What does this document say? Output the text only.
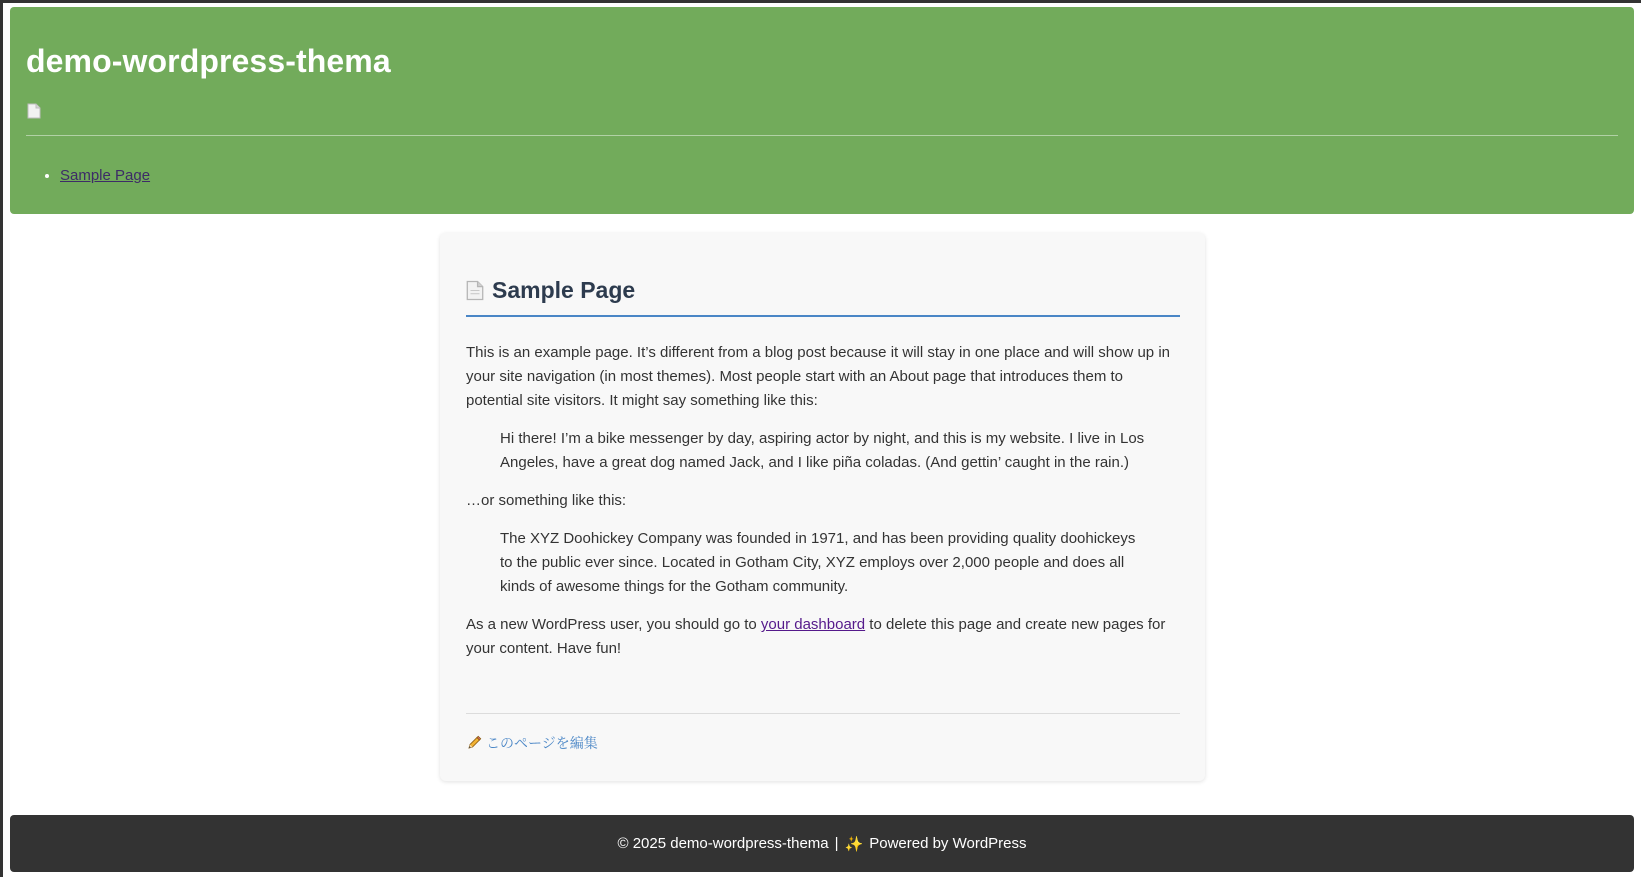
demo-wordpress-thema
• Sample Page
Sample Page

This is an example page. It’s different from a blog post because it will stay in one place and will show up in your site navigation (in most themes). Most people start with an About page that introduces them to potential site visitors. It might say something like this:

Hi there! I’m a bike messenger by day, aspiring actor by night, and this is my website. I live in Los Angeles, have a great dog named Jack, and I like piña coladas. (And gettin’ caught in the rain.)

…or something like this:

The XYZ Doohickey Company was founded in 1971, and has been providing quality doohickeys to the public ever since. Located in Gotham City, XYZ employs over 2,000 people and does all kinds of awesome things for the Gotham community.

As a new WordPress user, you should go to your dashboard to delete this page and create new pages for your content. Have fun!

このページを編集
© 2025 demo-wordpress-thema | ✨ Powered by WordPress
